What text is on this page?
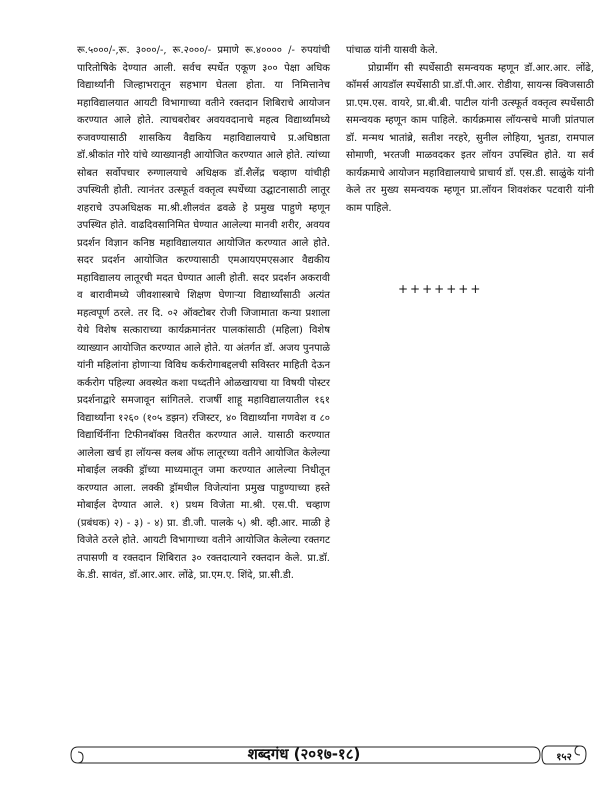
रू.५०००/-,रू. ३०००/-, रू.२०००/- प्रमाणे रू.४०००० /- रुपयांची पारितोषिके देण्यात आली. सर्वच स्पर्धेत एकूण ३०० पेक्षा अधिक विद्यार्थ्यांनी जिल्हाभरातून सहभाग घेतला होता. या निमित्तानेच महाविद्यालयात आयटी विभागाच्या वतीने रक्तदान शिबिराचे आयोजन करण्यात आले होते. त्याचबरोबर अवयवदानाचे महत्व विद्यार्थ्यांमध्ये रुजवण्यासाठी शासकिय वैद्यकिय महाविद्यालयाचे प्र.अधिष्ठाता डॉ.श्रीकांत गोरे यांचे व्याख्यानही आयोजित करण्यात आले होते. त्यांच्या सोबत सर्वोपचार रुग्णालयाचे अधिक्षक डॉ.शैलेंद्र चव्हाण यांचीही उपस्थिती होती. त्यानंतर उत्स्फूर्त वक्तृत्व स्पर्धेच्या उद्घाटनासाठी लातूर शहराचे उपअधिक्षक मा.श्री.शीलवंत ढवळे हे प्रमुख पाहुणे म्हणून उपस्थित होते. वाढदिवसानिमित घेण्यात आलेल्या मानवी शरीर, अवयव प्रदर्शन विज्ञान कनिष्ठ महाविद्यालयात आयोजित करण्यात आले होते. सदर प्रदर्शन आयोजित करण्यासाठी एमआयएमएसआर वैद्यकीय महाविद्यालय लातूरची मदत घेण्यात आली होती. सदर प्रदर्शन अकरावी व बारावीमध्ये जीवशास्त्राचे शिक्षण घेणाऱ्या विद्यार्थ्यांसाठी अत्यंत महत्वपूर्ण ठरले. तर दि. ०२ ऑक्टोबर रोजी जिजामाता कन्या प्रशाला येथे विशेष सत्काराच्या कार्यक्रमानंतर पालकांसाठी (महिला) विशेष व्याख्यान आयोजित करण्यात आले होते. या अंतर्गत डॉ. अजय पुनपाळे यांनी महिलांना होणाऱ्या विविध कर्करोगाबद्दलची सविस्तर माहिती देऊन कर्करोग पहिल्या अवस्थेत कशा पध्दतीने ओळखायचा या विषयी पोस्टर प्रदर्शनाद्वारे समजावून सांगितले. राजर्षी शाहू महाविद्यालयातील १६१ विद्यार्थ्यांना १२६० (१०५ डझन) रजिस्टर, ४० विद्यार्थ्यांना गणवेश व ८० विद्यार्थिनींना टिफीनबॉक्स वितरीत करण्यात आले. यासाठी करण्यात आलेला खर्च हा लॉयन्स क्लब ऑफ लातूरच्या वतीने आयोजित केलेल्या मोबाईल लक्की ड्रॉच्या माध्यमातून जमा करण्यात आलेल्या निधीतून करण्यात आला. लक्की ड्रॉमधील विजेत्यांना प्रमुख पाहुण्याच्या हस्ते मोबाईल देण्यात आले. १) प्रथम विजेता मा.श्री. एस.पी. चव्हाण (प्रबंधक) २) - ३) - ४) प्रा. डी.जी. पालके ५) श्री. व्ही.आर. माळी हे विजेते ठरले होते. आयटी विभागाच्या वतीने आयोजित केलेल्या रक्तगट तपासणी व रक्तदान शिबिरात ३० रक्तदात्याने रक्तदान केले. प्रा.डॉ. के.डी. सावंत, डॉ.आर.आर. लोंढे, प्रा.एम.ए. शिंदे, प्रा.सी.डी.

पांचाळ यांनी यासवी केले.

प्रोग्रामींग सी स्पर्धेसाठी समन्वयक म्हणून डॉ.आर.आर. लोंढे, कॉमर्स आयडॉल स्पर्धेसाठी प्रा.डॉ.पी.आर. रोडीया, सायन्स क्विजसाठी प्रा.एम.एस. वायरे, प्रा.बी.बी. पाटील यांनी उत्स्फूर्त वक्तृत्व स्पर्धेसाठी समन्वयक म्हणून काम पाहिले. कार्यक्रमास लॉयन्सचे माजी प्रांतपाल डॉ. मन्मथ भातांब्रे, सतीश नरहरे, सुनील लोहिया, भुतडा, रामपाल सोमाणी, भरतजी माळवदकर इतर लॉयन उपस्थित होते. या सर्व कार्यक्रमाचे आयोजन महाविद्यालयाचे प्राचार्य डॉ. एस.डी. साळुंके यांनी केले तर मुख्य समन्वयक म्हणून प्रा.लॉयन शिवशंकर पटवारी यांनी काम पाहिले.

+++++++
शब्दगंध (२०१७-१८)	१५२
